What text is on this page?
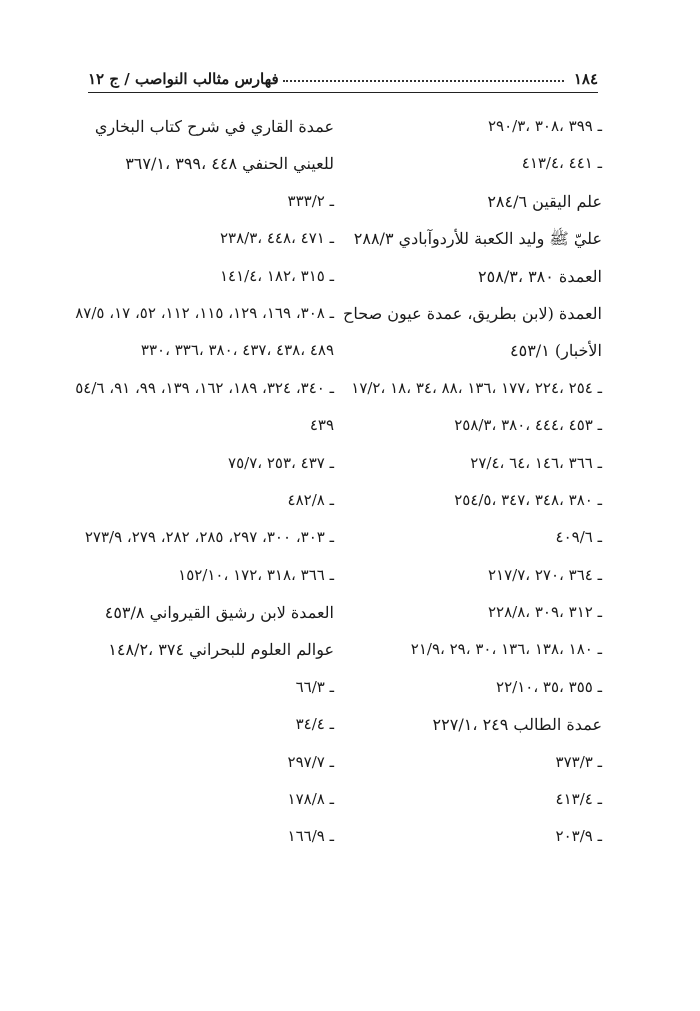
١٨٤
فهارس مثالب النواصب / ج ١٢
ـ ٣٩٩ ،٣٠٨ ،٢٩٠/٣
ـ ٤٤١ ،٤١٣/٤
علم اليقين ٢٨٤/٦
عليّ ﷺ وليد الكعبة للأردوآبادي ٢٨٨/٣
العمدة ٣٨٠ ،٢٥٨/٣
العمدة (لابن بطريق، عمدة عيون صحاح
الأخبار) ٤٥٣/١
ـ ٢٥٤ ،٢٢٤ ،١٧٧ ،١٣٦ ،٨٨ ،٣٤ ،١٨ ،١٧/٢
ـ ٤٥٣ ،٤٤٤ ،٣٨٠ ،٢٥٨/٣
ـ ٣٦٦ ،١٤٦ ،٦٤ ،٢٧/٤
ـ ٣٨٠ ،٣٤٨ ،٣٤٧ ،٢٥٤/٥
ـ ٤٠٩/٦
ـ ٣٦٤ ،٢٧٠ ،٢١٧/٧
ـ ٣١٢ ،٣٠٩ ،٢٢٨/٨
ـ ١٨٠ ،١٣٨ ،١٣٦ ،٣٠ ،٢٩ ،٢١/٩
ـ ٣٥٥ ،٣٥ ،٢٢/١٠
عمدة الطالب ٢٤٩ ،٢٢٧/١
ـ ٣٧٣/٣
ـ ٤١٣/٤
ـ ٢٠٣/٩
عمدة القاري في شرح كتاب البخاري
للعيني الحنفي ٤٤٨ ،٣٩٩ ،٣٦٧/١
ـ ٣٣٣/٢
ـ ٤٧١ ،٤٤٨ ،٢٣٨/٣
ـ ٣١٥ ،١٨٢ ،١٤١/٤
ـ ٣٠٨، ١٦٩، ١٢٩، ١١٥، ١١٢، ٥٢، ١٧، ٨٧/٥
٤٨٩ ،٤٣٨ ،٤٣٧ ،٣٨٠ ،٣٣٦ ،٣٣٠
ـ ٣٤٠، ٣٢٤، ١٨٩، ١٦٢، ١٣٩، ٩٩، ٩١، ٥٤/٦
٤٣٩
ـ ٤٣٧ ،٢٥٣ ،٧٥/٧
ـ ٤٨٢/٨
ـ ٣٠٣، ٣٠٠، ٢٩٧، ٢٨٥، ٢٨٢، ٢٧٩، ٢٧٣/٩
ـ ٣٦٦ ،٣١٨ ،١٧٢ ،١٥٢/١٠
العمدة لابن رشيق القيرواني ٤٥٣/٨
عوالم العلوم للبحراني ٣٧٤ ،١٤٨/٢
ـ ٦٦/٣
ـ ٣٤/٤
ـ ٢٩٧/٧
ـ ١٧٨/٨
ـ ١٦٦/٩
